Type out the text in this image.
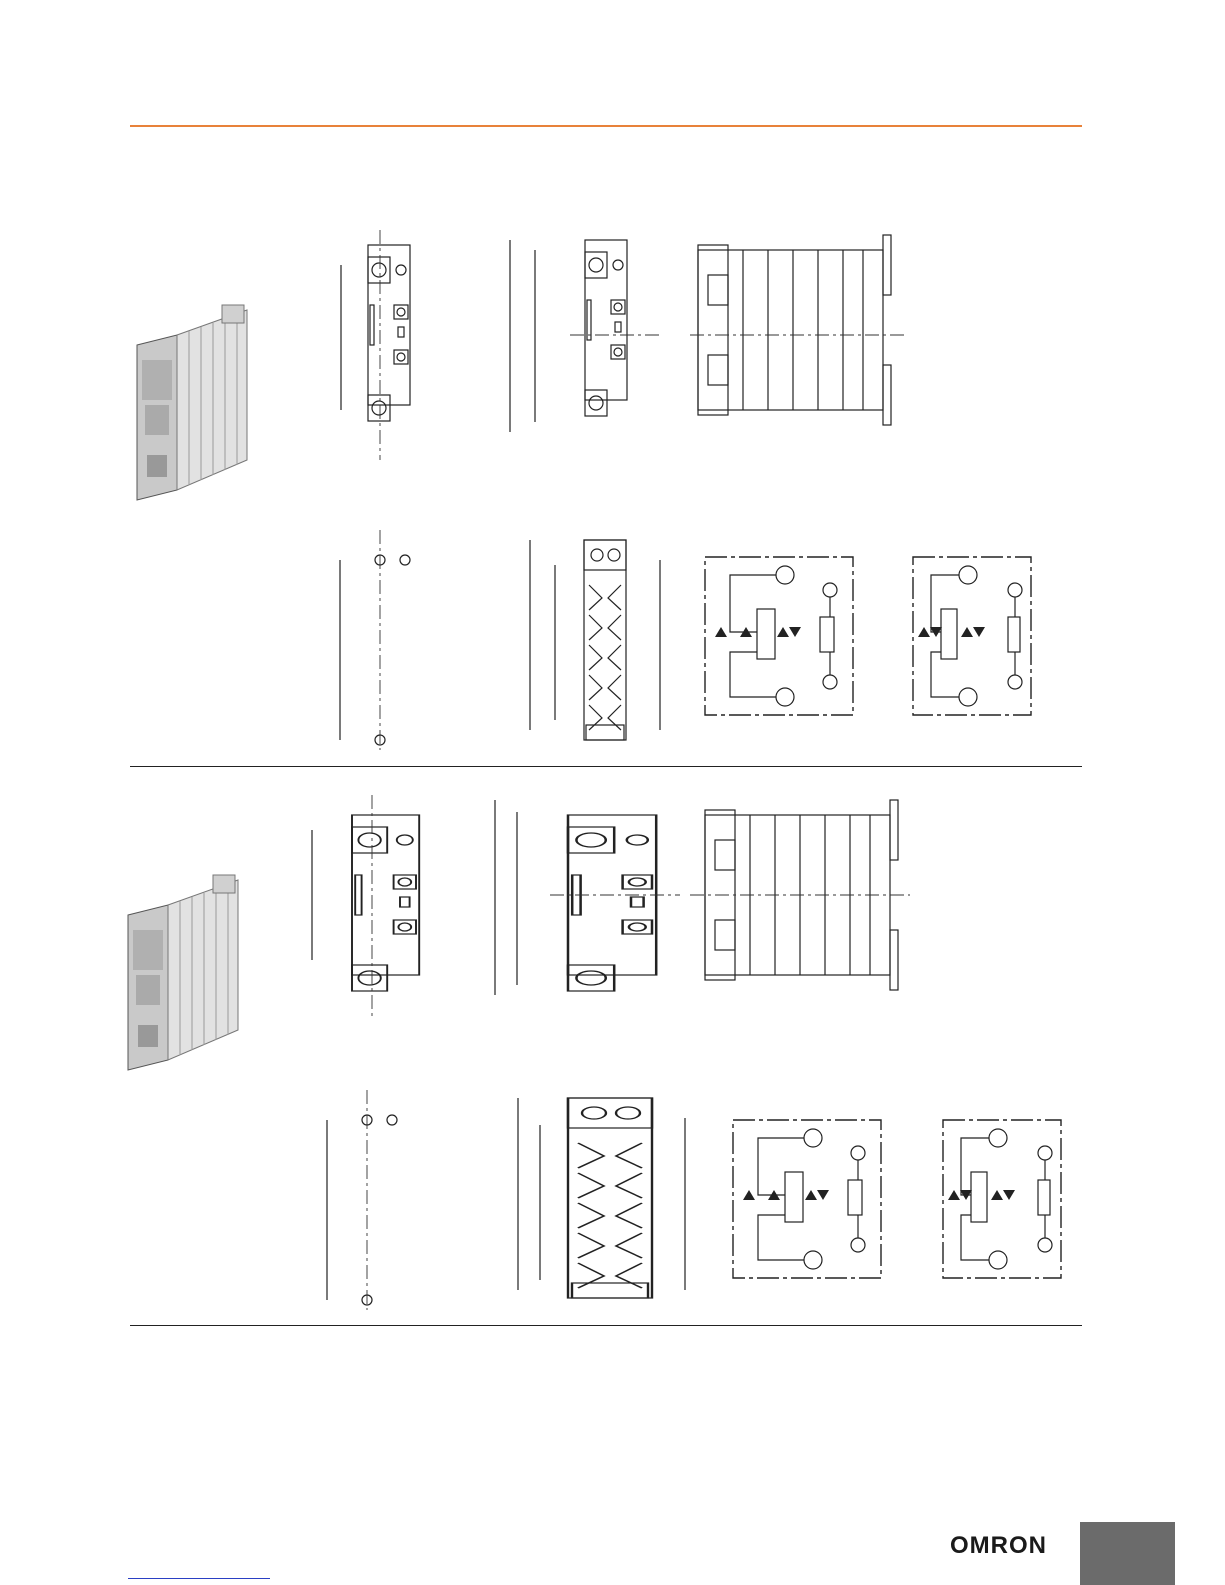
OMRON
